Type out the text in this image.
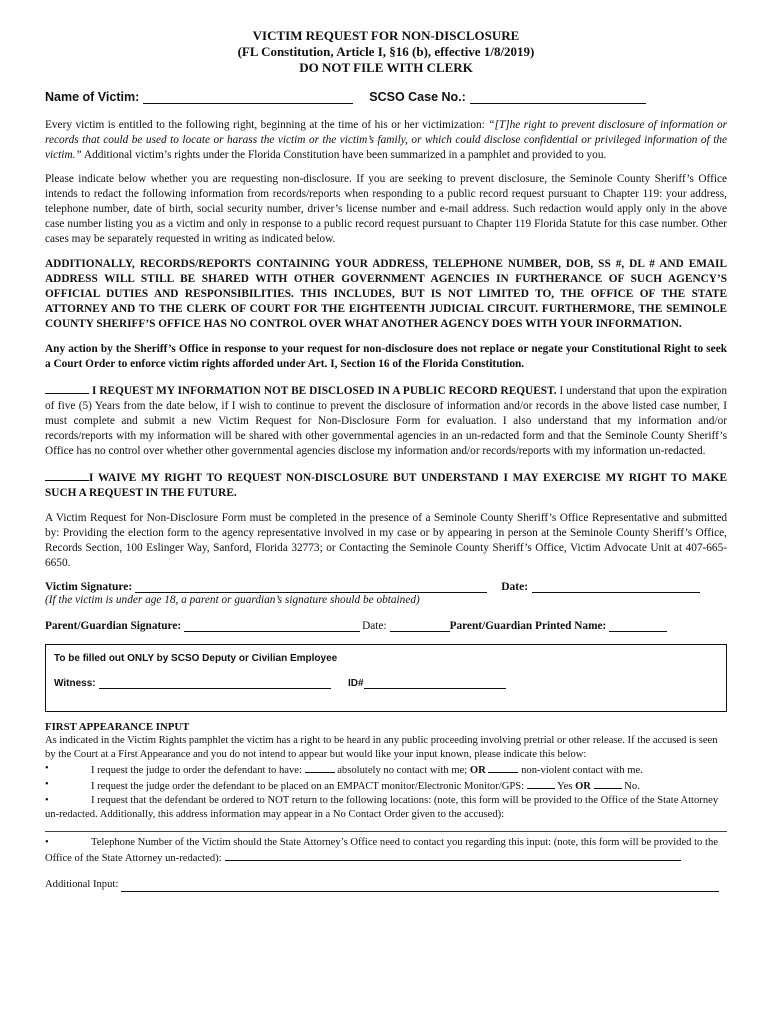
VICTIM REQUEST FOR NON-DISCLOSURE
(FL Constitution, Article I, §16 (b), effective 1/8/2019)
DO NOT FILE WITH CLERK
Name of Victim:	SCSO Case No.:

Every victim is entitled to the following right, beginning at the time of his or her victimization: “[T]he right to prevent disclosure of information or records that could be used to locate or harass the victim or the victim’s family, or which could disclose confidential or privileged information of the victim.” Additional victim’s rights under the Florida Constitution have been summarized in a pamphlet and provided to you.

Please indicate below whether you are requesting non-disclosure. If you are seeking to prevent disclosure, the Seminole County Sheriff’s Office intends to redact the following information from records/reports when responding to a public record request pursuant to Chapter 119: your address, telephone number, date of birth, social security number, driver’s license number and e-mail address. Such redaction would apply only in the above case number listing you as a victim and only in response to a public record request pursuant to Chapter 119 Florida Statute for this case number. Other cases may be separately requested in writing as indicated below.

ADDITIONALLY, RECORDS/REPORTS CONTAINING YOUR ADDRESS, TELEPHONE NUMBER, DOB, SS #, DL # AND EMAIL ADDRESS WILL STILL BE SHARED WITH OTHER GOVERNMENT AGENCIES IN FURTHERANCE OF SUCH AGENCY’S OFFICIAL DUTIES AND RESPONSIBILITIES. THIS INCLUDES, BUT IS NOT LIMITED TO, THE OFFICE OF THE STATE ATTORNEY AND TO THE CLERK OF COURT FOR THE EIGHTEENTH JUDICIAL CIRCUIT. FURTHERMORE, THE SEMINOLE COUNTY SHERIFF’S OFFICE HAS NO CONTROL OVER WHAT ANOTHER AGENCY DOES WITH YOUR INFORMATION.

Any action by the Sheriff’s Office in response to your request for non-disclosure does not replace or negate your Constitutional Right to seek a Court Order to enforce victim rights afforded under Art. I, Section 16 of the Florida Constitution.

I REQUEST MY INFORMATION NOT BE DISCLOSED IN A PUBLIC RECORD REQUEST. I understand that upon the expiration of five (5) Years from the date below, if I wish to continue to prevent the disclosure of information and/or records in the above listed case number, I must complete and submit a new Victim Request for Non-Disclosure Form for evaluation. I also understand that my information and/or records/reports with my information will be shared with other governmental agencies in an un-redacted form and that the Seminole County Sheriff’s Office has no control over whether other governmental agencies disclose my information and/or records/reports with my information un-redacted.

I WAIVE MY RIGHT TO REQUEST NON-DISCLOSURE BUT UNDERSTAND I MAY EXERCISE MY RIGHT TO MAKE SUCH A REQUEST IN THE FUTURE.

A Victim Request for Non-Disclosure Form must be completed in the presence of a Seminole County Sheriff’s Office Representative and submitted by: Providing the election form to the agency representative involved in my case or by appearing in person at the Seminole County Sheriff’s Office, Records Section, 100 Eslinger Way, Sanford, Florida 32773; or Contacting the Seminole County Sheriff’s Office, Victim Advocate Unit at 407-665-6650.

Victim Signature:	Date:
(If the victim is under age 18, a parent or guardian’s signature should be obtained)
Parent/Guardian Signature:	Date:	Parent/Guardian Printed Name:
To be filled out ONLY by SCSO Deputy or Civilian Employee
Witness:	ID#
FIRST APPEARANCE INPUT
As indicated in the Victim Rights pamphlet the victim has a right to be heard in any public proceeding involving pretrial or other release. If the accused is seen by the Court at a First Appearance and you do not intend to appear but would like your input known, please indicate this below:
•	I request the judge to order the defendant to have:	absolutely no contact with me; OR	non-violent contact with me.
•	I request the judge order the defendant to be placed on an EMPACT monitor/Electronic Monitor/GPS:	Yes OR	No.
•	I request that the defendant be ordered to NOT return to the following locations: (note, this form will be provided to the Office of the State Attorney un-redacted. Additionally, this address information may appear in a No Contact Order given to the accused):
•	Telephone Number of the Victim should the State Attorney’s Office need to contact you regarding this input: (note, this form will be provided to the Office of the State Attorney un-redacted):
Additional Input:
